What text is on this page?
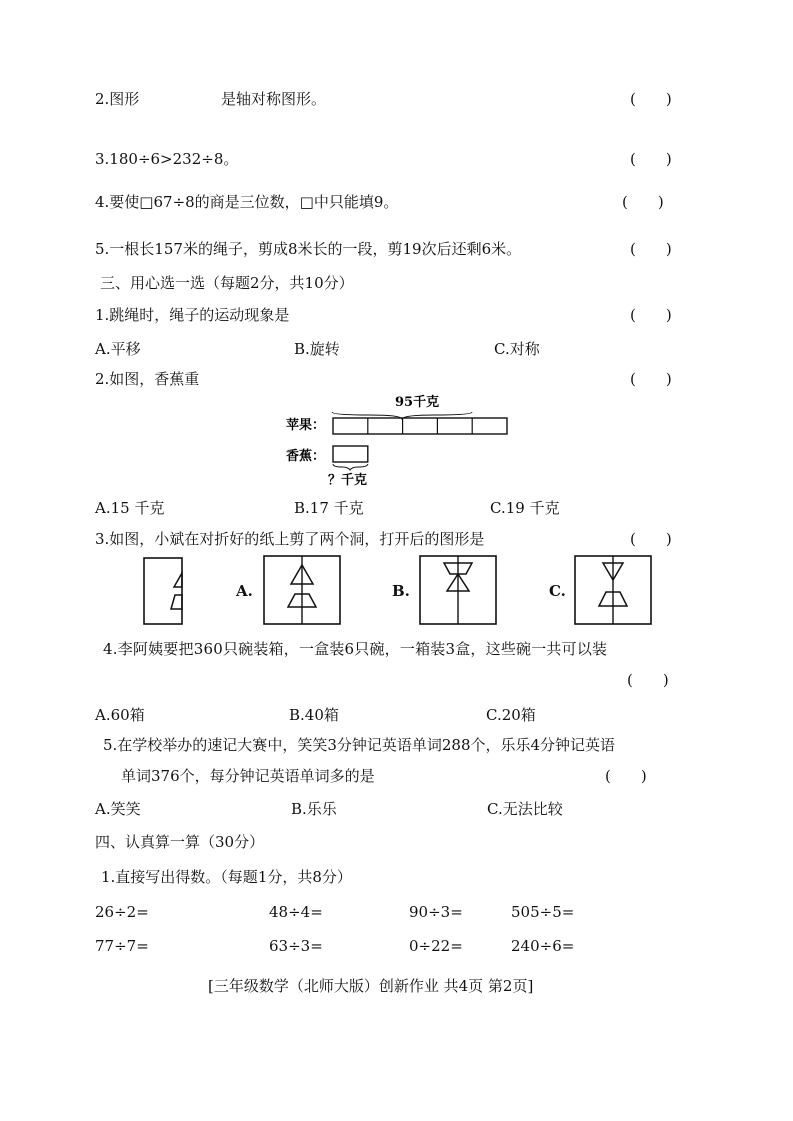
2.图形	是轴对称图形。	(　　)
3.180÷6>232÷8。	(　　)
4.要使□67÷8的商是三位数，□中只能填9。	(　　)
5.一根长157米的绳子，剪成8米长的一段，剪19次后还剩6米。	(　　)
三、用心选一选（每题2分，共10分）
1.跳绳时，绳子的运动现象是	(　　)
A.平移	B.旋转	C.对称
2.如图，香蕉重	(　　)
95千克
苹果：
香蕉：
？千克
A.15 千克	B.17 千克	C.19 千克
3.如图，小斌在对折好的纸上剪了两个洞，打开后的图形是	(　　)
A.	B.	C.
4.李阿姨要把360只碗装箱，一盒装6只碗，一箱装3盒，这些碗一共可以装
(　　)
A.60箱	B.40箱	C.20箱
5.在学校举办的速记大赛中，笑笑3分钟记英语单词288个，乐乐4分钟记英语
单词376个，每分钟记英语单词多的是	(　　)
A.笑笑	B.乐乐	C.无法比较
四、认真算一算（30分）
1.直接写出得数。（每题1分，共8分）
26÷2=	48÷4=	90÷3=	505÷5=
77÷7=	63÷3=	0÷22=	240÷6=
[三年级数学（北师大版）创新作业 共4页 第2页]
